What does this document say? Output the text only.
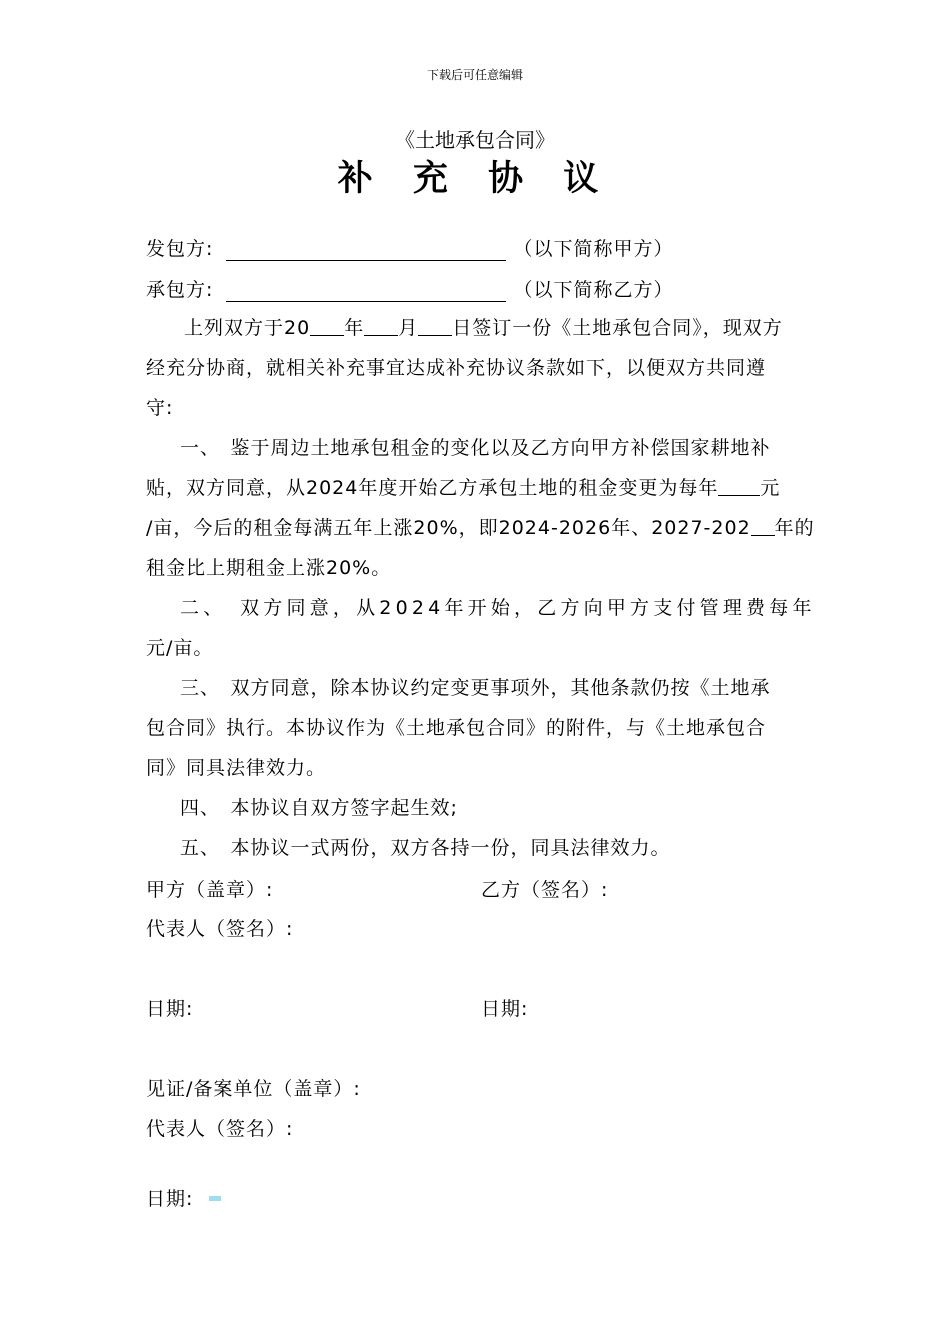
下载后可任意编辑
《土地承包合同》
补 充 协 议
发包方:	（以下简称甲方）
承包方:	（以下简称乙方）
上列双方于20 年 月 日签订一份《土地承包合同》，现双方
经充分协商，就相关补充事宜达成补充协议条款如下，以便双方共同遵
守:
一、　鉴于周边土地承包租金的变化以及乙方向甲方补偿国家耕地补
贴，双方同意，从2024年度开始乙方承包土地的租金变更为每年 元
/亩，今后的租金每满五年上涨20%，即2024-2026年、2027-202 年的
租金比上期租金上涨20%。
二、　双方同意，从2024年开始，乙方向甲方支付管理费每年
元/亩。
三、　双方同意，除本协议约定变更事项外，其他条款仍按《土地承
包合同》执行。本协议作为《土地承包合同》的附件，与《土地承包合
同》同具法律效力。
四、　本协议自双方签字起生效;
五、　本协议一式两份，双方各持一份，同具法律效力。
甲方（盖章）:	乙方（签名）:
代表人（签名）:
日期:	日期:
见证/备案单位（盖章）:
代表人（签名）:
日期:
